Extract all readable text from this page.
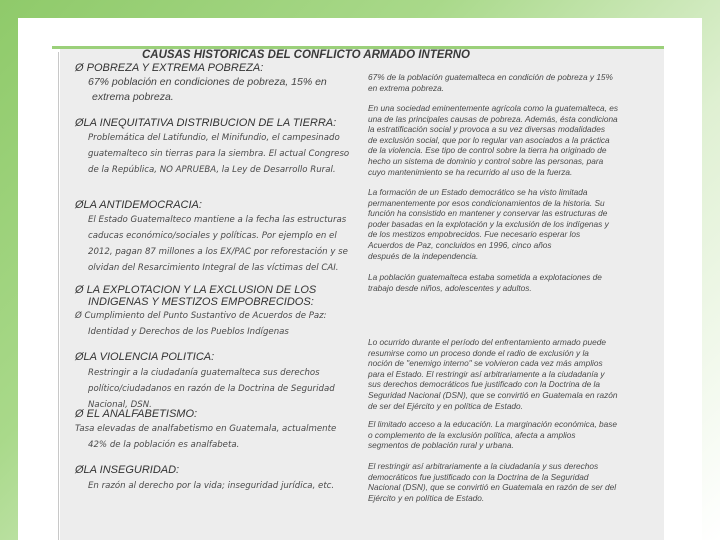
CAUSAS HISTORICAS DEL CONFLICTO ARMADO INTERNO
Ø POBREZA Y EXTREMA POBREZA:
67% población en condiciones de pobreza, 15% en
extrema pobreza.
ØLA INEQUITATIVA DISTRIBUCION DE LA TIERRA:
Problemática del Latifundio, el Minifundio, el campesinado
guatemalteco sin tierras para la siembra. El actual Congreso
de la República, NO APRUEBA, la Ley de Desarrollo Rural.
ØLA ANTIDEMOCRACIA:
El Estado Guatemalteco mantiene a la fecha las estructuras
caducas económico/sociales y políticas. Por ejemplo en el
2012, pagan 87 millones a los EX/PAC por reforestación y se
olvidan del Resarcimiento Integral de las víctimas del CAI.
Ø LA EXPLOTACION Y LA EXCLUSION DE LOS
INDIGENAS Y MESTIZOS EMPOBRECIDOS:
Ø Cumplimiento del Punto Sustantivo de Acuerdos de Paz:
Identidad y Derechos de los Pueblos Indígenas
ØLA VIOLENCIA POLITICA:
Restringir a la ciudadanía guatemalteca sus derechos
político/ciudadanos en razón de la Doctrina de Seguridad
Nacional, DSN.
Ø EL ANALFABETISMO:
Tasa elevadas de analfabetismo en Guatemala, actualmente
42% de la población es analfabeta.
ØLA INSEGURIDAD:
En razón al derecho por la vida; inseguridad jurídica, etc.

67% de la población guatemalteca en condición de pobreza y 15%

en extrema pobreza.

En una sociedad eminentemente agrícola como la guatemalteca, es

una de las principales causas de pobreza. Además, ésta condiciona

la estratificación social y provoca a su vez diversas modalidades

de exclusión social, que por lo regular van asociados a la práctica

de la violencia. Ese tipo de control sobre la tierra ha originado de

hecho un sistema de dominio y control sobre las personas, para

cuyo mantenimiento se ha recurrido al uso de la fuerza.

La formación de un Estado democrático se ha visto limitada

permanentemente por esos condicionamientos de la historia. Su

función ha consistido en mantener y conservar las estructuras de

poder basadas en la explotación y la exclusión de los indígenas y

de los mestizos empobrecidos. Fue necesario esperar los

Acuerdos de Paz, concluidos en 1996, cinco años

después de la independencia.

La población guatemalteca estaba sometida a explotaciones de

trabajo desde niños, adolescentes y adultos.

Lo ocurrido durante el período del enfrentamiento armado puede

resumirse como un proceso donde el radio de exclusión y la

noción de "enemigo interno" se volvieron cada vez más amplios

para el Estado. El restringir así arbitrariamente a la ciudadanía y

sus derechos democráticos fue justificado con la Doctrina de la

Seguridad Nacional (DSN), que se convirtió en Guatemala en razón

de ser del Ejército y en política de Estado.

El limitado acceso a la educación. La marginación económica, base

o complemento de la exclusión política, afecta a amplios

segmentos de población rural y urbana.

El restringir así arbitrariamente a la ciudadanía y sus derechos

democráticos fue justificado con la Doctrina de la Seguridad

Nacional (DSN), que se convirtió en Guatemala en razón de ser del

Ejército y en política de Estado.
